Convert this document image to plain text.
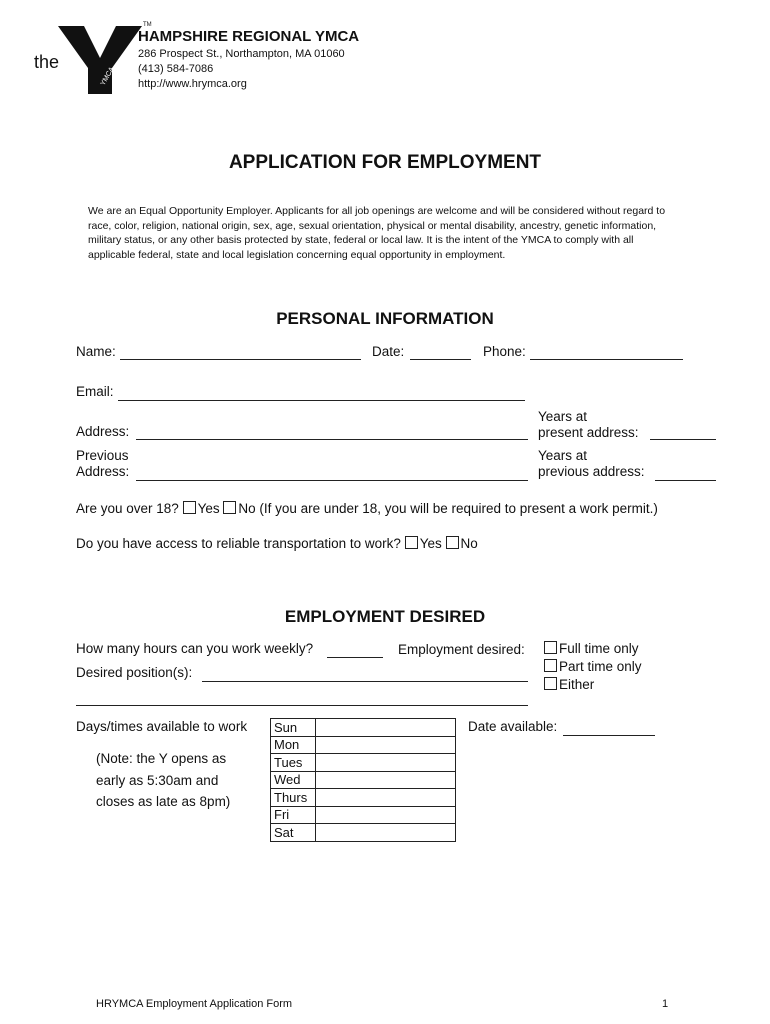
the
YMCA
TM
HAMPSHIRE REGIONAL YMCA
286 Prospect St., Northampton, MA 01060
(413) 584-7086
http://www.hrymca.org
APPLICATION FOR EMPLOYMENT
We are an Equal Opportunity Employer. Applicants for all job openings are welcome and will be considered without regard to race, color, religion, national origin, sex, age, sexual orientation, physical or mental disability, ancestry, genetic information, military status, or any other basis protected by state, federal or local law. It is the intent of the YMCA to comply with all applicable federal, state and local legislation concerning equal opportunity in employment.
PERSONAL INFORMATION
Name:	Date:	Phone:
Email:
Address:
Years at
present address:
Previous
Address:
Years at
previous address:
Are you over 18? Yes No (If you are under 18, you will be required to present a work permit.)
Do you have access to reliable transportation to work? Yes No
EMPLOYMENT DESIRED
How many hours can you work weekly?	Employment desired:	Full time only
Part time only
Either
Desired position(s):
Days/times available to work
(Note: the Y opens as
early as 5:30am and
closes as late as 8pm)
Sun	
Mon	
Tues	
Wed	
Thurs	
Fri	
Sat	
Date available:
HRYMCA Employment Application Form	1
